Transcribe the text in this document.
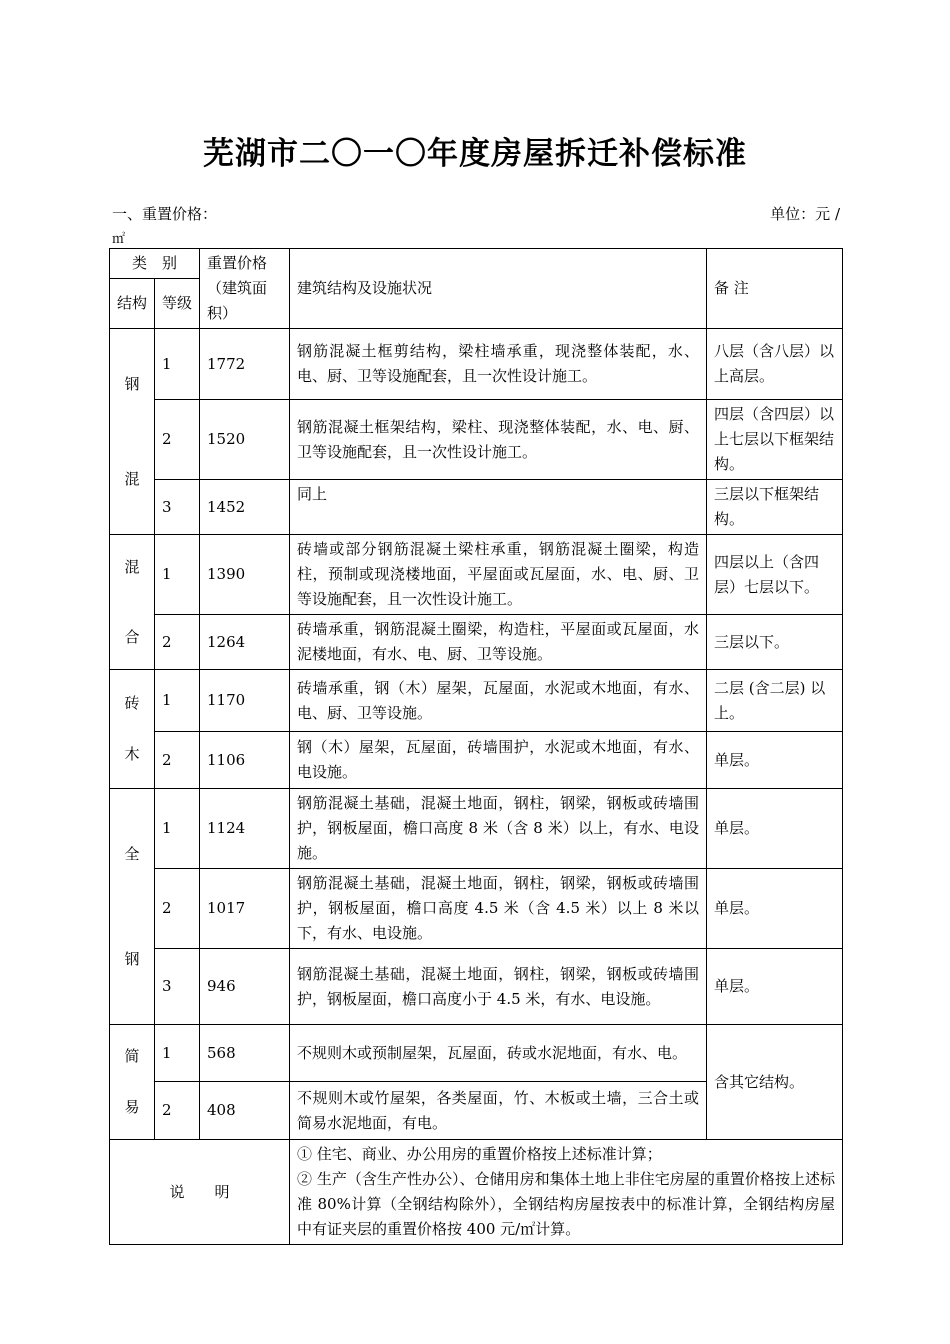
芜湖市二〇一〇年度房屋拆迁补偿标准
一、重置价格：	单位：元 /
㎡
类　别		重置价格（建筑面积）	建筑结构及设施状况	备 注
结构	等级			

钢
混	1	1772	钢筋混凝土框剪结构，梁柱墙承重，现浇整体装配，水、电、厨、卫等设施配套，且一次性设计施工。	八层（含八层）以上高层。
	2	1520	钢筋混凝土框架结构，梁柱、现浇整体装配，水、电、厨、卫等设施配套，且一次性设计施工。	四层（含四层）以上七层以下框架结构。
	3	1452	同上	三层以下框架结构。

混
合	1	1390	砖墙或部分钢筋混凝土梁柱承重，钢筋混凝土圈梁，构造柱，预制或现浇楼地面，平屋面或瓦屋面，水、电、厨、卫等设施配套，且一次性设计施工。	四层以上（含四层）七层以下。
	2	1264	砖墙承重，钢筋混凝土圈梁，构造柱，平屋面或瓦屋面，水泥楼地面，有水、电、厨、卫等设施。	三层以下。

砖
木	1	1170	砖墙承重，钢（木）屋架，瓦屋面，水泥或木地面，有水、电、厨、卫等设施。	二层 (含二层) 以上。
	2	1106	钢（木）屋架，瓦屋面，砖墙围护，水泥或木地面，有水、电设施。	单层。

全
钢	1	1124	钢筋混凝土基础，混凝土地面，钢柱，钢梁，钢板或砖墙围护，钢板屋面，檐口高度 8 米（含 8 米）以上，有水、电设施。	单层。
	2	1017	钢筋混凝土基础，混凝土地面，钢柱，钢梁，钢板或砖墙围护，钢板屋面，檐口高度 4.5 米（含 4.5 米）以上 8 米以下，有水、电设施。	单层。
	3	946	钢筋混凝土基础，混凝土地面，钢柱，钢梁，钢板或砖墙围护，钢板屋面，檐口高度小于 4.5 米，有水、电设施。	单层。

简
易	1	568	不规则木或预制屋架，瓦屋面，砖或水泥地面，有水、电。	含其它结构。
	2	408	不规则木或竹屋架，各类屋面，竹、木板或土墙，三合土或简易水泥地面，有电。	
说　　明			① 住宅、商业、办公用房的重置价格按上述标准计算；
② 生产（含生产性办公）、仓储用房和集体土地上非住宅房屋的重置价格按上述标准 80%计算（全钢结构除外），全钢结构房屋按表中的标准计算，全钢结构房屋中有证夹层的重置价格按 400 元/㎡计算。	
